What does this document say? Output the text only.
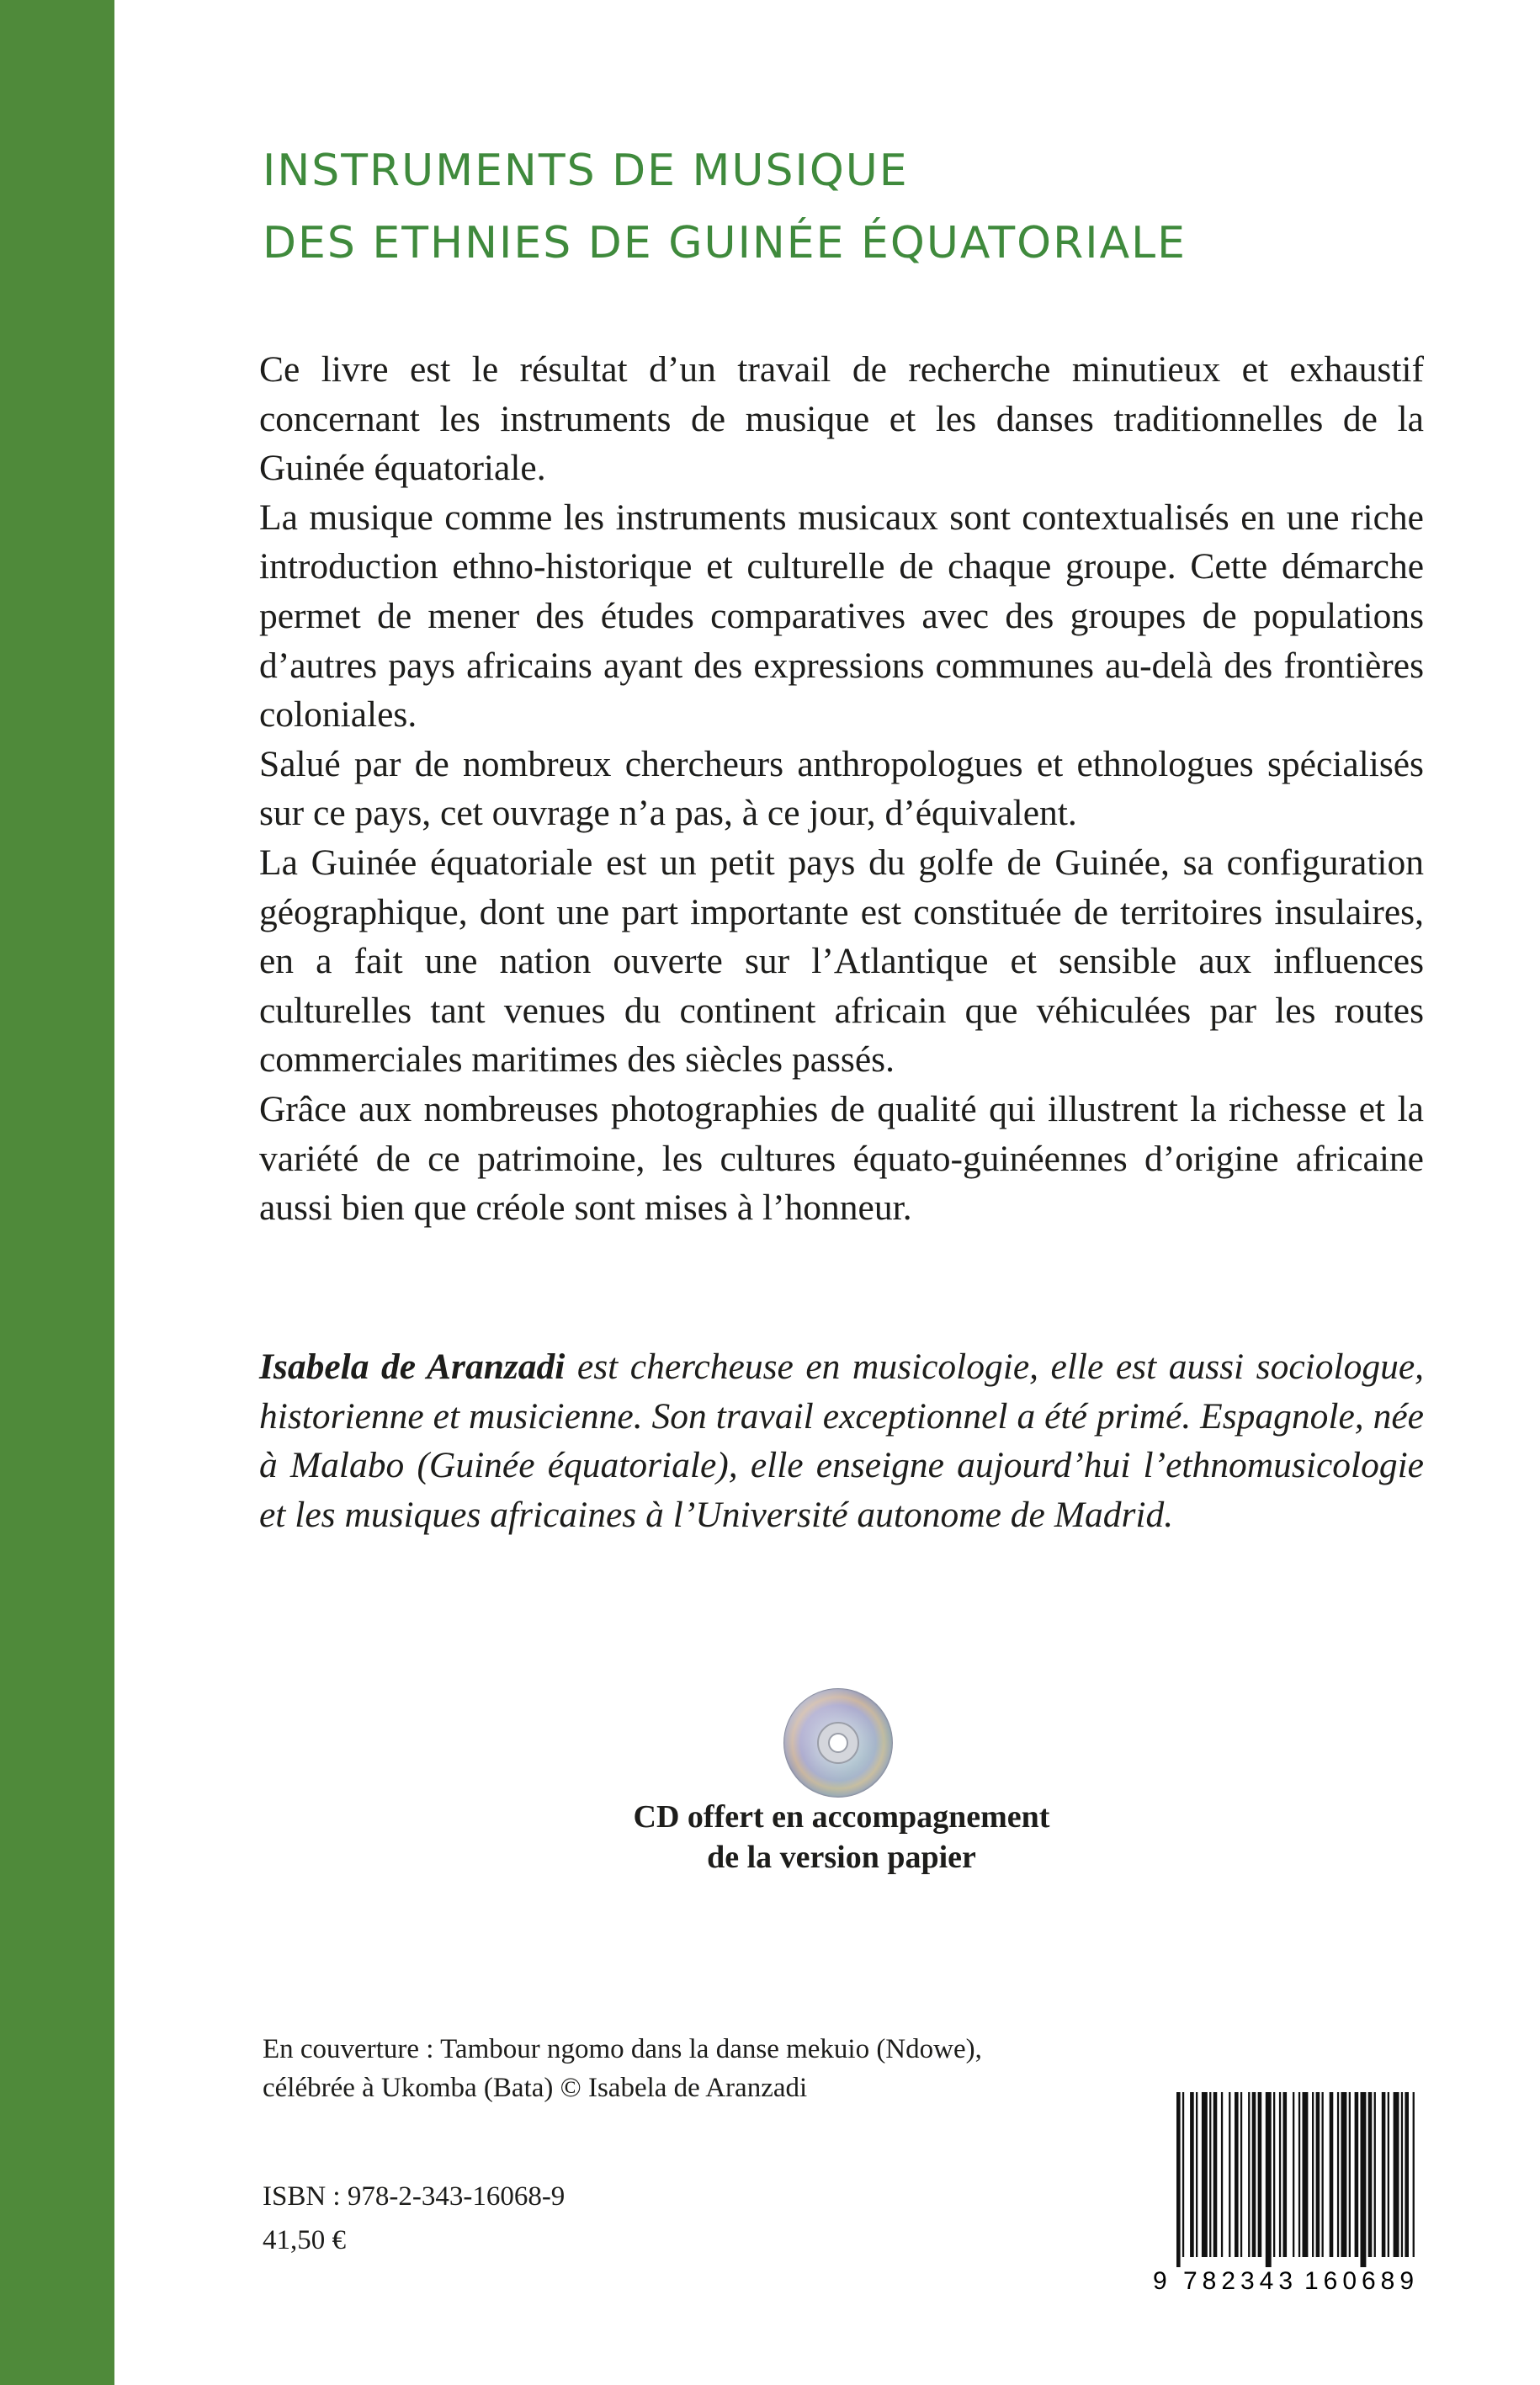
INSTRUMENTS DE MUSIQUE
DES ETHNIES DE GUINÉE ÉQUATORIALE

Ce livre est le résultat d’un travail de recherche minutieux et exhaustif concernant les instruments de musique et les danses traditionnelles de la Guinée équatoriale.

La musique comme les instruments musicaux sont contextualisés en une riche introduction ethno-historique et culturelle de chaque groupe. Cette démarche permet de mener des études comparatives avec des groupes de populations d’autres pays africains ayant des expressions communes au-delà des frontières coloniales.

Salué par de nombreux chercheurs anthropologues et ethnologues spécialisés sur ce pays, cet ouvrage n’a pas, à ce jour, d’équivalent.

La Guinée équatoriale est un petit pays du golfe de Guinée, sa configuration géographique, dont une part importante est constituée de territoires insulaires, en a fait une nation ouverte sur l’Atlantique et sensible aux influences culturelles tant venues du continent africain que véhiculées par les routes commerciales maritimes des siècles passés.

Grâce aux nombreuses photographies de qualité qui illustrent la richesse et la variété de ce patrimoine, les cultures équato-guinéennes d’origine africaine aussi bien que créole sont mises à l’honneur.

Isabela de Aranzadi est chercheuse en musicologie, elle est aussi sociologue, historienne et musicienne. Son travail exceptionnel a été primé. Espagnole, née à Malabo (Guinée équatoriale), elle enseigne aujourd’hui l’ethnomusicologie et les musiques africaines à l’Université autonome de Madrid.
CD offert en accompagnement
de la version papier
En couverture : Tambour ngomo dans la danse mekuio (Ndowe),
célébrée à Ukomba (Bata) © Isabela de Aranzadi
ISBN : 978-2-343-16068-9
41,50 €
9 782343 160689
